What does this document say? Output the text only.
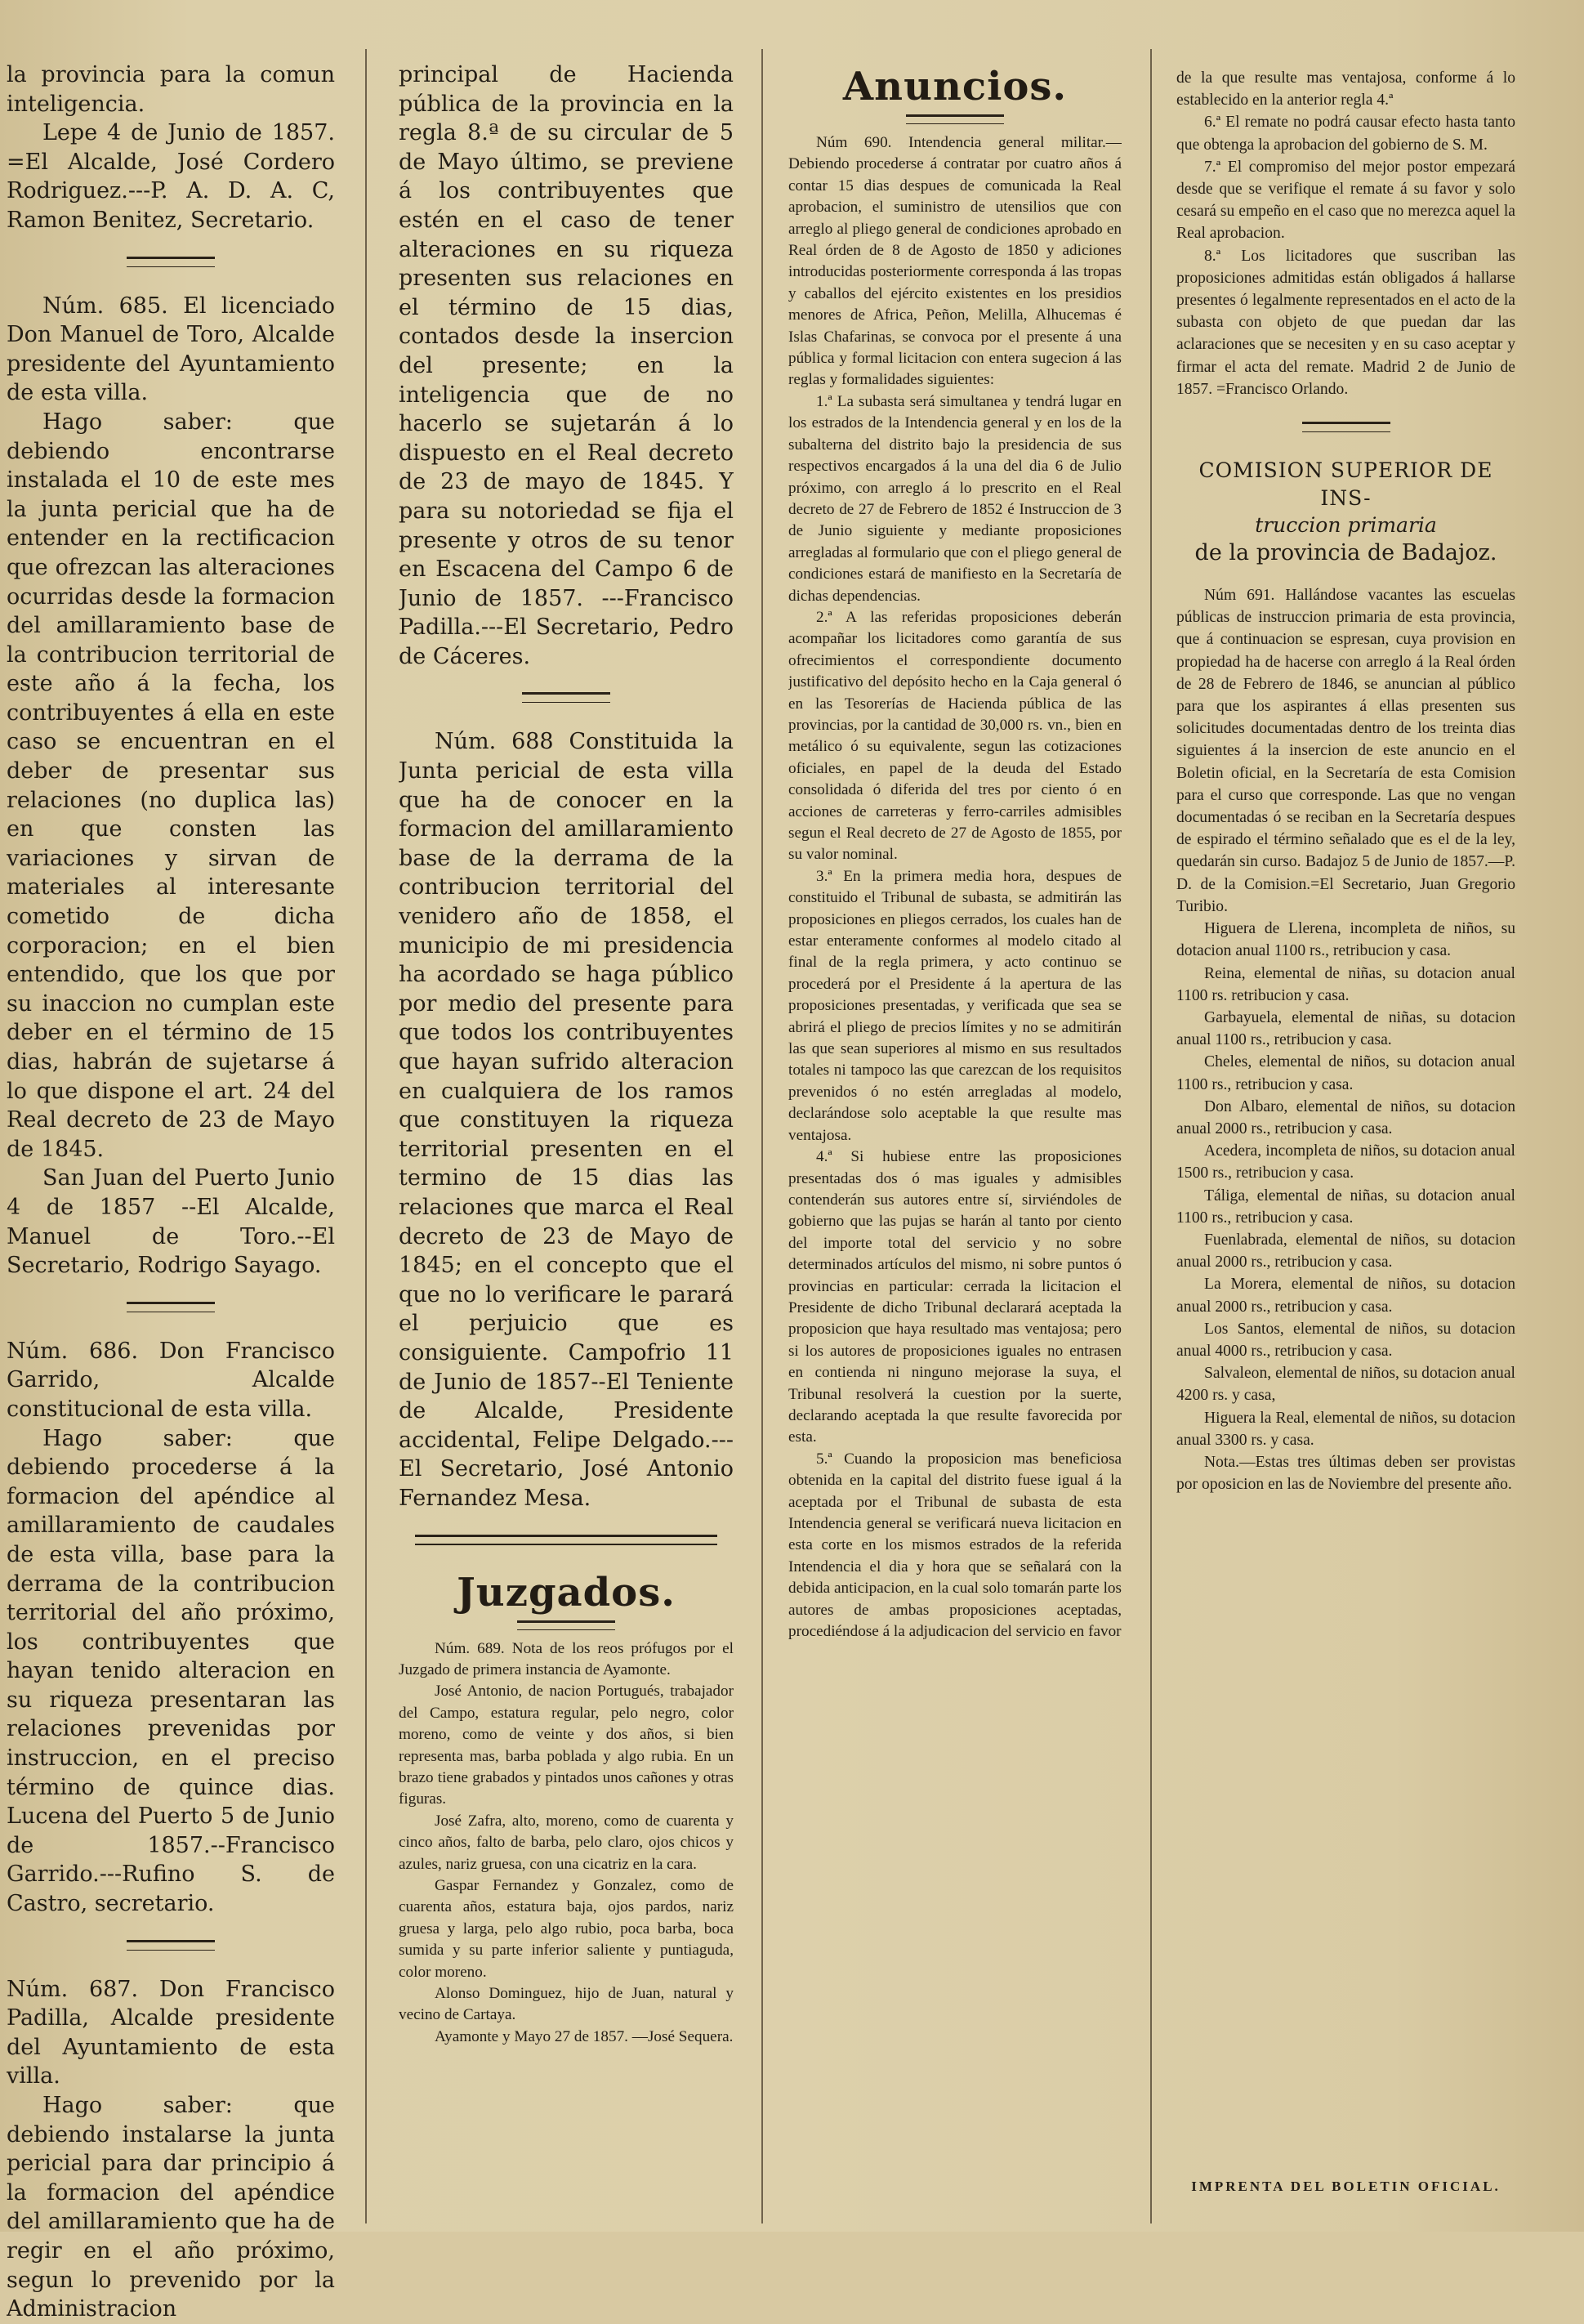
la provincia para la comun inteligencia.

Lepe 4 de Junio de 1857. =El Alcalde, José Cordero Rodriguez.---P. A. D. A. C, Ramon Benitez, Secretario.

Núm. 685. El licenciado Don Manuel de Toro, Alcalde presidente del Ayuntamiento de esta villa.

Hago saber: que debiendo encontrarse instalada el 10 de este mes la junta pericial que ha de entender en la rectificacion que ofrezcan las alteraciones ocurridas desde la formacion del amillaramiento base de la contribucion territorial de este año á la fecha, los contribuyentes á ella en este caso se encuentran en el deber de presentar sus relaciones (no duplica las) en que consten las variaciones y sirvan de materiales al interesante cometido de dicha corporacion; en el bien entendido, que los que por su inaccion no cumplan este deber en el término de 15 dias, habrán de sujetarse á lo que dispone el art. 24 del Real decreto de 23 de Mayo de 1845.

San Juan del Puerto Junio 4 de 1857 --El Alcalde, Manuel de Toro.--El Secretario, Rodrigo Sayago.

Núm. 686. Don Francisco Garrido, Alcalde constitucional de esta villa.

Hago saber: que debiendo procederse á la formacion del apéndice al amillaramiento de caudales de esta villa, base para la derrama de la contribucion territorial del año próximo, los contribuyentes que hayan tenido alteracion en su riqueza presentaran las relaciones prevenidas por instruccion, en el preciso término de quince dias. Lucena del Puerto 5 de Junio de 1857.--Francisco Garrido.---Rufino S. de Castro, secretario.

Núm. 687. Don Francisco Padilla, Alcalde presidente del Ayuntamiento de esta villa.

Hago saber: que debiendo instalarse la junta pericial para dar principio á la formacion del apéndice del amillaramiento que ha de regir en el año próximo, segun lo prevenido por la Administracion

principal de Hacienda pública de la provincia en la regla 8.ª de su circular de 5 de Mayo último, se previene á los contribuyentes que estén en el caso de tener alteraciones en su riqueza presenten sus relaciones en el término de 15 dias, contados desde la insercion del presente; en la inteligencia que de no hacerlo se sujetarán á lo dispuesto en el Real decreto de 23 de mayo de 1845. Y para su notoriedad se fija el presente y otros de su tenor en Escacena del Campo 6 de Junio de 1857. ---Francisco Padilla.---El Secretario, Pedro de Cáceres.

Núm. 688 Constituida la Junta pericial de esta villa que ha de conocer en la formacion del amillaramiento base de la derrama de la contribucion territorial del venidero año de 1858, el municipio de mi presidencia ha acordado se haga público por medio del presente para que todos los contribuyentes que hayan sufrido alteracion en cualquiera de los ramos que constituyen la riqueza territorial presenten en el termino de 15 dias las relaciones que marca el Real decreto de 23 de Mayo de 1845; en el concepto que el que no lo verificare le parará el perjuicio que es consiguiente. Campofrio 11 de Junio de 1857--El Teniente de Alcalde, Presidente accidental, Felipe Delgado.---El Secretario, José Antonio Fernandez Mesa.

Juzgados.

Núm. 689. Nota de los reos prófugos por el Juzgado de primera instancia de Ayamonte.

José Antonio, de nacion Portugués, trabajador del Campo, estatura regular, pelo negro, color moreno, como de veinte y dos años, si bien representa mas, barba poblada y algo rubia. En un brazo tiene grabados y pintados unos cañones y otras figuras.

José Zafra, alto, moreno, como de cuarenta y cinco años, falto de barba, pelo claro, ojos chicos y azules, nariz gruesa, con una cicatriz en la cara.

Gaspar Fernandez y Gonzalez, como de cuarenta años, estatura baja, ojos pardos, nariz gruesa y larga, pelo algo rubio, poca barba, boca sumida y su parte inferior saliente y puntiaguda, color moreno.

Alonso Dominguez, hijo de Juan, natural y vecino de Cartaya.

Ayamonte y Mayo 27 de 1857. —José Sequera.

Anuncios.

Núm 690. Intendencia general militar.—Debiendo procederse á contratar por cuatro años á contar 15 dias despues de comunicada la Real aprobacion, el suministro de utensilios que con arreglo al pliego general de condiciones aprobado en Real órden de 8 de Agosto de 1850 y adiciones introducidas posteriormente corresponda á las tropas y caballos del ejército existentes en los presidios menores de Africa, Peñon, Melilla, Alhucemas é Islas Chafarinas, se convoca por el presente á una pública y formal licitacion con entera sugecion á las reglas y formalidades siguientes:

1.ª La subasta será simultanea y tendrá lugar en los estrados de la Intendencia general y en los de la subalterna del distrito bajo la presidencia de sus respectivos encargados á la una del dia 6 de Julio próximo, con arreglo á lo prescrito en el Real decreto de 27 de Febrero de 1852 é Instruccion de 3 de Junio siguiente y mediante proposiciones arregladas al formulario que con el pliego general de condiciones estará de manifiesto en la Secretaría de dichas dependencias.

2.ª A las referidas proposiciones deberán acompañar los licitadores como garantía de sus ofrecimientos el correspondiente documento justificativo del depósito hecho en la Caja general ó en las Tesorerías de Hacienda pública de las provincias, por la cantidad de 30,000 rs. vn., bien en metálico ó su equivalente, segun las cotizaciones oficiales, en papel de la deuda del Estado consolidada ó diferida del tres por ciento ó en acciones de carreteras y ferro-carriles admisibles segun el Real decreto de 27 de Agosto de 1855, por su valor nominal.

3.ª En la primera media hora, despues de constituido el Tribunal de subasta, se admitirán las proposiciones en pliegos cerrados, los cuales han de estar enteramente conformes al modelo citado al final de la regla primera, y acto continuo se procederá por el Presidente á la apertura de las proposiciones presentadas, y verificada que sea se abrirá el pliego de precios límites y no se admitirán las que sean superiores al mismo en sus resultados totales ni tampoco las que carezcan de los requisitos prevenidos ó no estén arregladas al modelo, declarándose solo aceptable la que resulte mas ventajosa.

4.ª Si hubiese entre las proposiciones presentadas dos ó mas iguales y admisibles contenderán sus autores entre sí, sirviéndoles de gobierno que las pujas se harán al tanto por ciento del importe total del servicio y no sobre determinados artículos del mismo, ni sobre puntos ó provincias en particular: cerrada la licitacion el Presidente de dicho Tribunal declarará aceptada la proposicion que haya resultado mas ventajosa; pero si los autores de proposiciones iguales no entrasen en contienda ni ninguno mejorase la suya, el Tribunal resolverá la cuestion por la suerte, declarando aceptada la que resulte favorecida por esta.

5.ª Cuando la proposicion mas beneficiosa obtenida en la capital del distrito fuese igual á la aceptada por el Tribunal de subasta de esta Intendencia general se verificará nueva licitacion en esta corte en los mismos estrados de la referida Intendencia el dia y hora que se señalará con la debida anticipacion, en la cual solo tomarán parte los autores de ambas proposiciones aceptadas, procediéndose á la adjudicacion del servicio en favor

de la que resulte mas ventajosa, conforme á lo establecido en la anterior regla 4.ª

6.ª El remate no podrá causar efecto hasta tanto que obtenga la aprobacion del gobierno de S. M.

7.ª El compromiso del mejor postor empezará desde que se verifique el remate á su favor y solo cesará su empeño en el caso que no merezca aquel la Real aprobacion.

8.ª Los licitadores que suscriban las proposiciones admitidas están obligados á hallarse presentes ó legalmente representados en el acto de la subasta con objeto de que puedan dar las aclaraciones que se necesiten y en su caso aceptar y firmar el acta del remate. Madrid 2 de Junio de 1857. =Francisco Orlando.

COMISION SUPERIOR DE INS-
truccion primaria
de la provincia de Badajoz.

Núm 691. Hallándose vacantes las escuelas públicas de instruccion primaria de esta provincia, que á continuacion se espresan, cuya provision en propiedad ha de hacerse con arreglo á la Real órden de 28 de Febrero de 1846, se anuncian al público para que los aspirantes á ellas presenten sus solicitudes documentadas dentro de los treinta dias siguientes á la insercion de este anuncio en el Boletin oficial, en la Secretaría de esta Comision para el curso que corresponde. Las que no vengan documentadas ó se reciban en la Secretaría despues de espirado el término señalado que es el de la ley, quedarán sin curso. Badajoz 5 de Junio de 1857.—P. D. de la Comision.=El Secretario, Juan Gregorio Turibio.

Higuera de Llerena, incompleta de niños, su dotacion anual 1100 rs., retribucion y casa.

Reina, elemental de niñas, su dotacion anual 1100 rs. retribucion y casa.

Garbayuela, elemental de niñas, su dotacion anual 1100 rs., retribucion y casa.

Cheles, elemental de niños, su dotacion anual 1100 rs., retribucion y casa.

Don Albaro, elemental de niños, su dotacion anual 2000 rs., retribucion y casa.

Acedera, incompleta de niños, su dotacion anual 1500 rs., retribucion y casa.

Táliga, elemental de niñas, su dotacion anual 1100 rs., retribucion y casa.

Fuenlabrada, elemental de niños, su dotacion anual 2000 rs., retribucion y casa.

La Morera, elemental de niños, su dotacion anual 2000 rs., retribucion y casa.

Los Santos, elemental de niños, su dotacion anual 4000 rs., retribucion y casa.

Salvaleon, elemental de niños, su dotacion anual 4200 rs. y casa,

Higuera la Real, elemental de niños, su dotacion anual 3300 rs. y casa.

Nota.—Estas tres últimas deben ser provistas por oposicion en las de Noviembre del presente año.

IMPRENTA DEL BOLETIN OFICIAL.
